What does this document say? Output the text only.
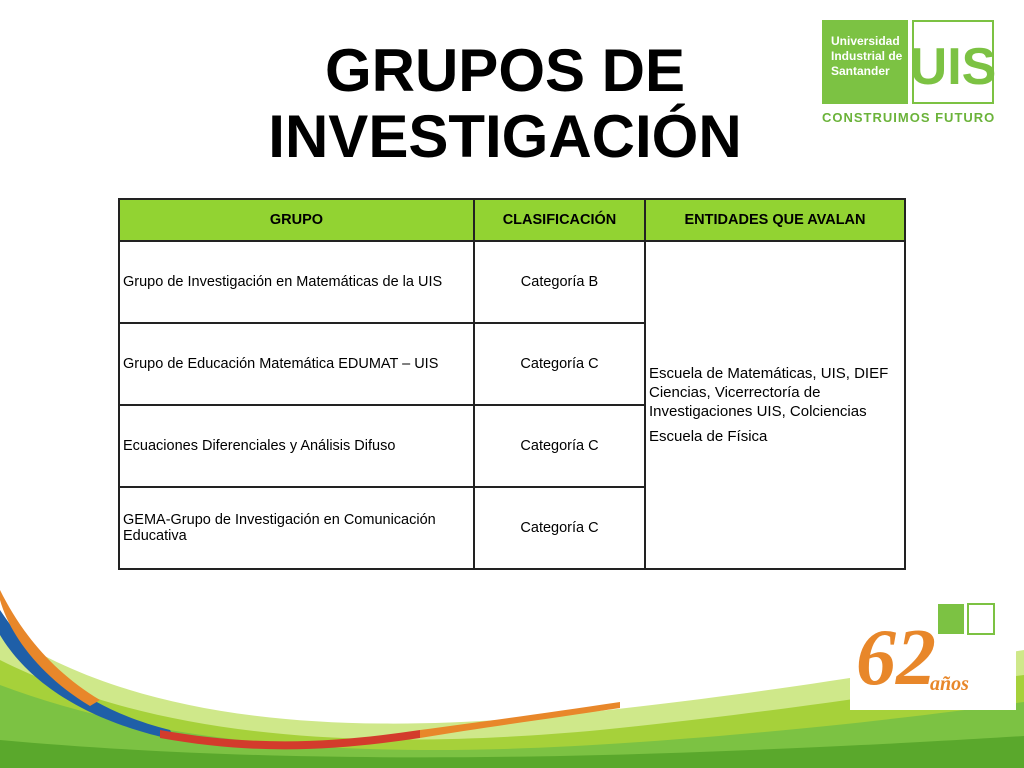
GRUPOS DE
INVESTIGACIÓN
Universidad
Industrial de
Santander UIS
CONSTRUIMOS FUTURO
GRUPO	CLASIFICACIÓN	ENTIDADES QUE AVALAN
Grupo de Investigación en Matemáticas de la UIS	Categoría B	Escuela de Matemáticas, UIS, DIEF Ciencias, Vicerrectoría de Investigaciones UIS, Colciencias

Escuela de Física

Grupo de Educación Matemática EDUMAT – UIS	Categoría C	
Ecuaciones Diferenciales y Análisis Difuso	Categoría C	
GEMA-Grupo de Investigación en Comunicación Educativa	Categoría C	
62
años
